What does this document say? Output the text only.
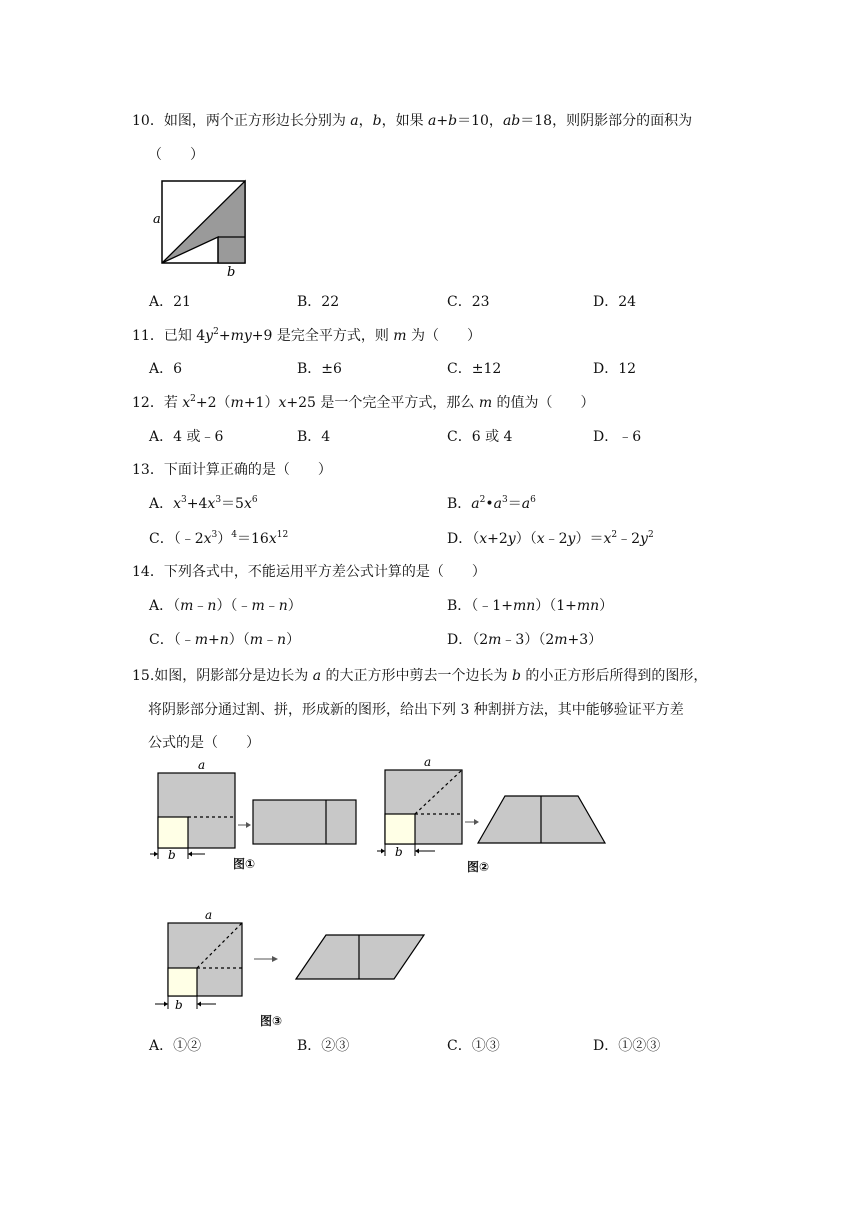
10．如图，两个正方形边长分别为 a，b，如果 a+b＝10，ab＝18，则阴影部分的面积为
（　　）
a
b
A．21	B．22	C．23	D．24
11．已知 $4y^2+my+9$ 是完全平方式，则 m 为（　　）
A．6	B．±6	C．±12	D．12
12．若 $x^2+2(m+1)x+25$ 是一个完全平方式，那么 m 的值为（　　）
A．4 或﹣6	B．4	C．6 或 4	D．﹣6
13．下面计算正确的是（　　）
A．$x^3+4x^3=5x^6$	B．$a^2•a^3=a^6$
C．$(﹣2x^3)^4=16x^{12}$	D．$(x+2y)(x﹣2y)=x^2﹣2y^2$
14．下列各式中，不能运用平方差公式计算的是（　　）
A．（m﹣n）（﹣m﹣n）	B．（﹣1+mn）（1+mn）
C．（﹣m+n）（m﹣n）	D．（2m﹣3）（2m+3）
15.如图，阴影部分是边长为 a 的大正方形中剪去一个边长为 b 的小正方形后所得到的图形，
将阴影部分通过割、拼，形成新的图形，给出下列 3 种割拼方法，其中能够验证平方差
公式的是（　　）
a
b
图①
a
b
图②
a
b
图③
A．①②	B．②③	C．①③	D．①②③
